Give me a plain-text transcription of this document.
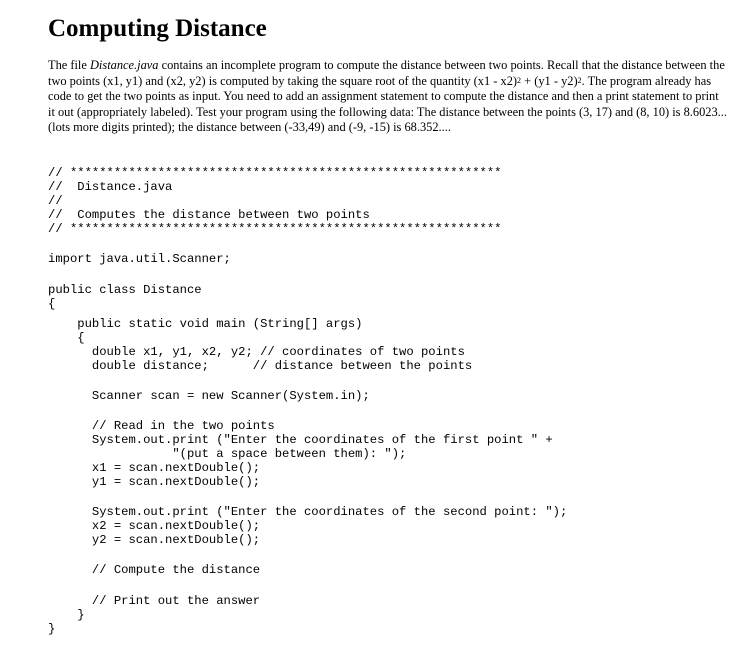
Computing Distance

The file Distance.java contains an incomplete program to compute the distance between two points. Recall that the distance between the two points (x1, y1) and (x2, y2) is computed by taking the square root of the quantity (x1 - x2)$^2$ + (y1 - y2)$^2$. The program already has code to get the two points as input. You need to add an assignment statement to compute the distance and then a print statement to print it out (appropriately labeled). Test your program using the following data: The distance between the points (3, 17) and (8, 10) is 8.6023... (lots more digits printed); the distance between (-33,49) and (-9, -15) is 68.352....

// ***********************************************************

//  Distance.java

//

//  Computes the distance between two points

// ***********************************************************

import java.util.Scanner;

public class Distance

{

public static void main (String[] args)

{

double x1, y1, x2, y2; // coordinates of two points

double distance;      // distance between the points

Scanner scan = new Scanner(System.in);

// Read in the two points

System.out.print ("Enter the coordinates of the first point " +

"(put a space between them): ");

x1 = scan.nextDouble();

y1 = scan.nextDouble();

System.out.print ("Enter the coordinates of the second point: ");

x2 = scan.nextDouble();

y2 = scan.nextDouble();

// Compute the distance

// Print out the answer

}

}
